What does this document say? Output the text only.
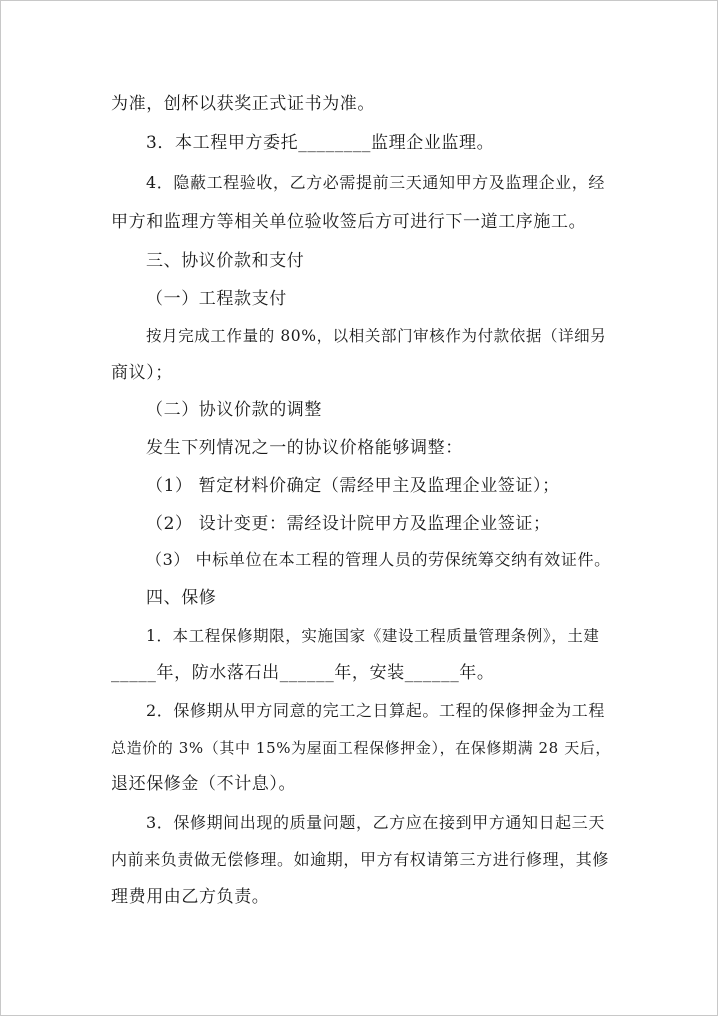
为准，创杯以获奖正式证书为准。
3．本工程甲方委托________监理企业监理。
4．隐蔽工程验收，乙方必需提前三天通知甲方及监理企业，经
甲方和监理方等相关单位验收签后方可进行下一道工序施工。
三、协议价款和支付
（一）工程款支付
按月完成工作量的 80%，以相关部门审核作为付款依据（详细另
商议）；
（二）协议价款的调整
发生下列情况之一的协议价格能够调整：
（1） 暂定材料价确定（需经甲主及监理企业签证）；
（2） 设计变更：需经设计院甲方及监理企业签证；
（3） 中标单位在本工程的管理人员的劳保统筹交纳有效证件。
四、保修
1．本工程保修期限，实施国家《建设工程质量管理条例》，土建
_____年，防水落石出______年，安装______年。
2．保修期从甲方同意的完工之日算起。工程的保修押金为工程
总造价的 3%（其中 15%为屋面工程保修押金），在保修期满 28 天后，
退还保修金（不计息）。
3．保修期间出现的质量问题，乙方应在接到甲方通知日起三天
内前来负责做无偿修理。如逾期，甲方有权请第三方进行修理，其修
理费用由乙方负责。
